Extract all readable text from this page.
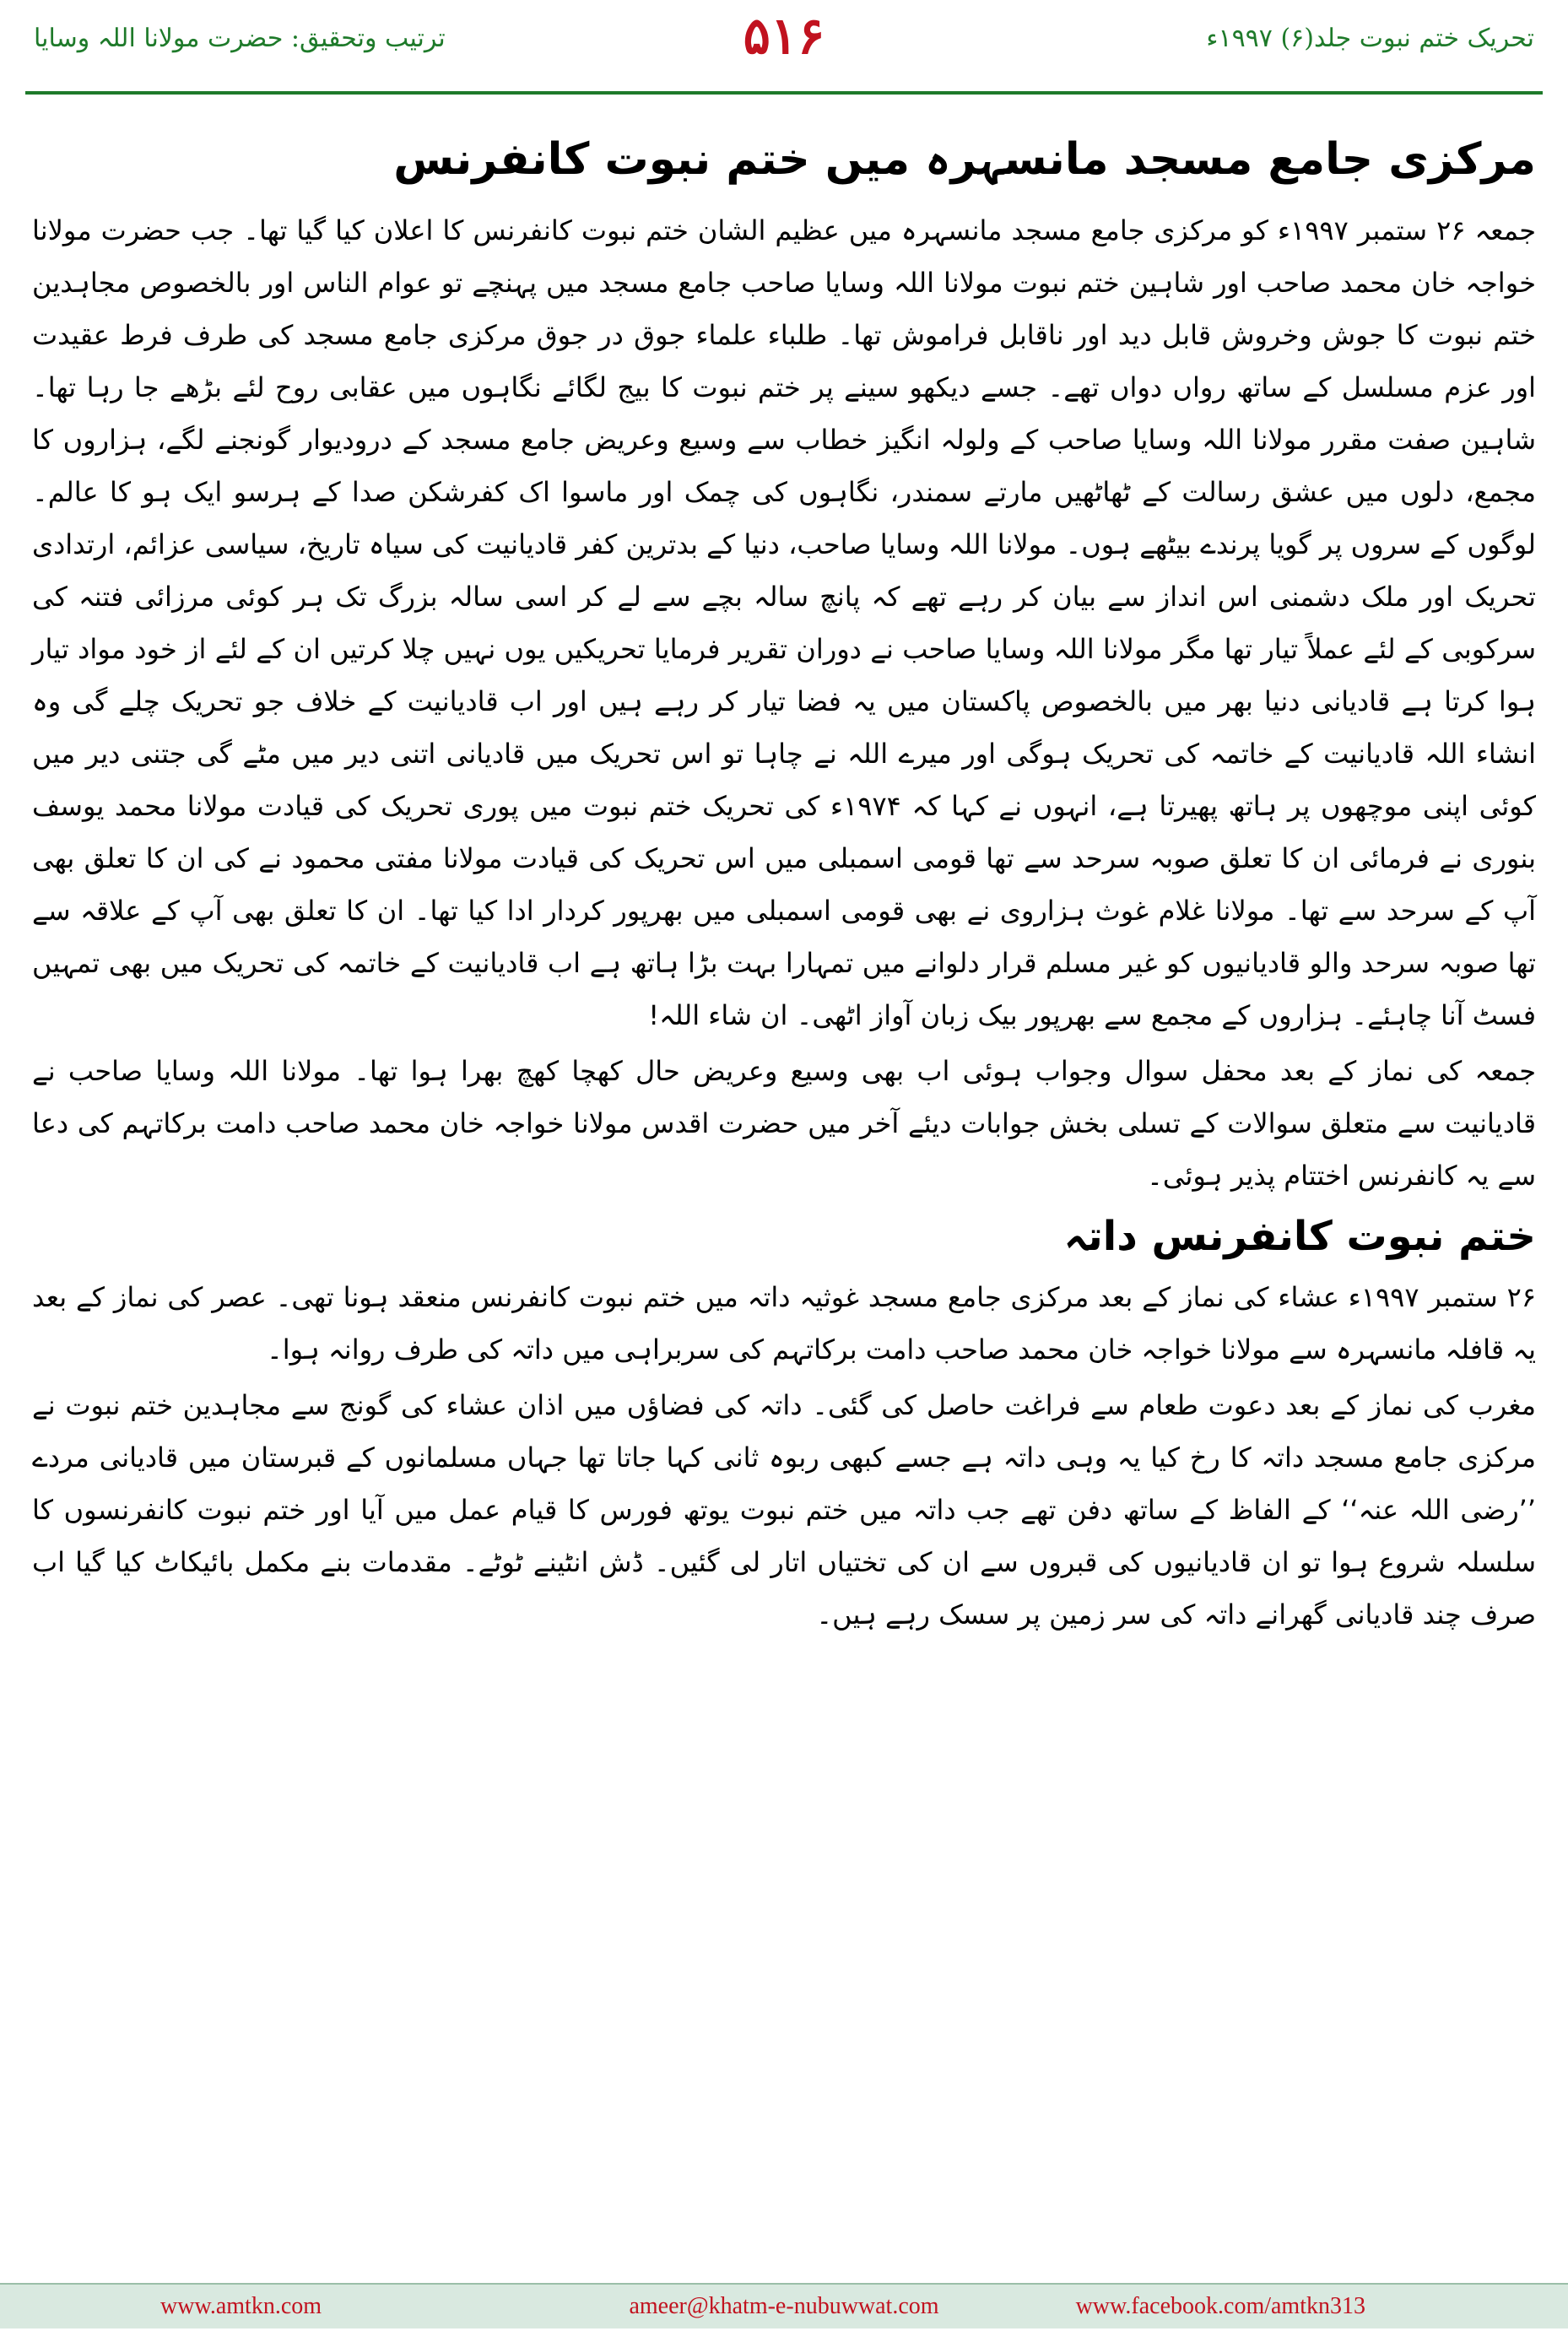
ترتیب وتحقیق: حضرت مولانا اللہ وسایا	۵۱۶	تحریک ختم نبوت جلد(۶) ۱۹۹۷ء
مرکزی جامع مسجد مانسہرہ میں ختم نبوت کانفرنس

جمعہ ۲۶ ستمبر ۱۹۹۷ء کو مرکزی جامع مسجد مانسہرہ میں عظیم الشان ختم نبوت کانفرنس کا اعلان کیا گیا تھا۔ جب حضرت مولانا خواجہ خان محمد صاحب اور شاہین ختم نبوت مولانا اللہ وسایا صاحب جامع مسجد میں پہنچے تو عوام الناس اور بالخصوص مجاہدین ختم نبوت کا جوش وخروش قابل دید اور ناقابل فراموش تھا۔ طلباء علماء جوق در جوق مرکزی جامع مسجد کی طرف فرط عقیدت اور عزم مسلسل کے ساتھ رواں دواں تھے۔ جسے دیکھو سینے پر ختم نبوت کا بیج لگائے نگاہوں میں عقابی روح لئے بڑھے جا رہا تھا۔ شاہین صفت مقرر مولانا اللہ وسایا صاحب کے ولولہ انگیز خطاب سے وسیع وعریض جامع مسجد کے درودیوار گونجنے لگے، ہزاروں کا مجمع، دلوں میں عشق رسالت کے ٹھاٹھیں مارتے سمندر، نگاہوں کی چمک اور ماسوا اک کفرشکن صدا کے ہرسو ایک ہو کا عالم۔ لوگوں کے سروں پر گویا پرندے بیٹھے ہوں۔ مولانا اللہ وسایا صاحب، دنیا کے بدترین کفر قادیانیت کی سیاہ تاریخ، سیاسی عزائم، ارتدادی تحریک اور ملک دشمنی اس انداز سے بیان کر رہے تھے کہ پانچ سالہ بچے سے لے کر اسی سالہ بزرگ تک ہر کوئی مرزائی فتنہ کی سرکوبی کے لئے عملاً تیار تھا مگر مولانا اللہ وسایا صاحب نے دوران تقریر فرمایا تحریکیں یوں نہیں چلا کرتیں ان کے لئے از خود مواد تیار ہوا کرتا ہے قادیانی دنیا بھر میں بالخصوص پاکستان میں یہ فضا تیار کر رہے ہیں اور اب قادیانیت کے خلاف جو تحریک چلے گی وہ انشاء اللہ قادیانیت کے خاتمہ کی تحریک ہوگی اور میرے اللہ نے چاہا تو اس تحریک میں قادیانی اتنی دیر میں مٹے گی جتنی دیر میں کوئی اپنی موچھوں پر ہاتھ پھیرتا ہے، انہوں نے کہا کہ ۱۹۷۴ء کی تحریک ختم نبوت میں پوری تحریک کی قیادت مولانا محمد یوسف بنوری نے فرمائی ان کا تعلق صوبہ سرحد سے تھا قومی اسمبلی میں اس تحریک کی قیادت مولانا مفتی محمود نے کی ان کا تعلق بھی آپ کے سرحد سے تھا۔ مولانا غلام غوث ہزاروی نے بھی قومی اسمبلی میں بھرپور کردار ادا کیا تھا۔ ان کا تعلق بھی آپ کے علاقہ سے تھا صوبہ سرحد والو قادیانیوں کو غیر مسلم قرار دلوانے میں تمہارا بہت بڑا ہاتھ ہے اب قادیانیت کے خاتمہ کی تحریک میں بھی تمہیں فسٹ آنا چاہئے۔ ہزاروں کے مجمع سے بھرپور بیک زبان آواز اٹھی۔ ان شاء اللہ!

جمعہ کی نماز کے بعد محفل سوال وجواب ہوئی اب بھی وسیع وعریض حال کھچا کھچ بھرا ہوا تھا۔ مولانا اللہ وسایا صاحب نے قادیانیت سے متعلق سوالات کے تسلی بخش جوابات دیئے آخر میں حضرت اقدس مولانا خواجہ خان محمد صاحب دامت برکاتہم کی دعا سے یہ کانفرنس اختتام پذیر ہوئی۔

ختم نبوت کانفرنس داتہ

۲۶ ستمبر ۱۹۹۷ء عشاء کی نماز کے بعد مرکزی جامع مسجد غوثیہ داتہ میں ختم نبوت کانفرنس منعقد ہونا تھی۔ عصر کی نماز کے بعد یہ قافلہ مانسہرہ سے مولانا خواجہ خان محمد صاحب دامت برکاتہم کی سربراہی میں داتہ کی طرف روانہ ہوا۔

مغرب کی نماز کے بعد دعوت طعام سے فراغت حاصل کی گئی۔ داتہ کی فضاؤں میں اذان عشاء کی گونج سے مجاہدین ختم نبوت نے مرکزی جامع مسجد داتہ کا رخ کیا یہ وہی داتہ ہے جسے کبھی ربوہ ثانی کہا جاتا تھا جہاں مسلمانوں کے قبرستان میں قادیانی مردے ’’رضی اللہ عنہ‘‘ کے الفاظ کے ساتھ دفن تھے جب داتہ میں ختم نبوت یوتھ فورس کا قیام عمل میں آیا اور ختم نبوت کانفرنسوں کا سلسلہ شروع ہوا تو ان قادیانیوں کی قبروں سے ان کی تختیاں اتار لی گئیں۔ ڈش انٹینے ٹوٹے۔ مقدمات بنے مکمل بائیکاٹ کیا گیا اب صرف چند قادیانی گھرانے داتہ کی سر زمین پر سسک رہے ہیں۔

www.amtkn.com	ameer@khatm-e-nubuwwat.com	www.facebook.com/amtkn313
